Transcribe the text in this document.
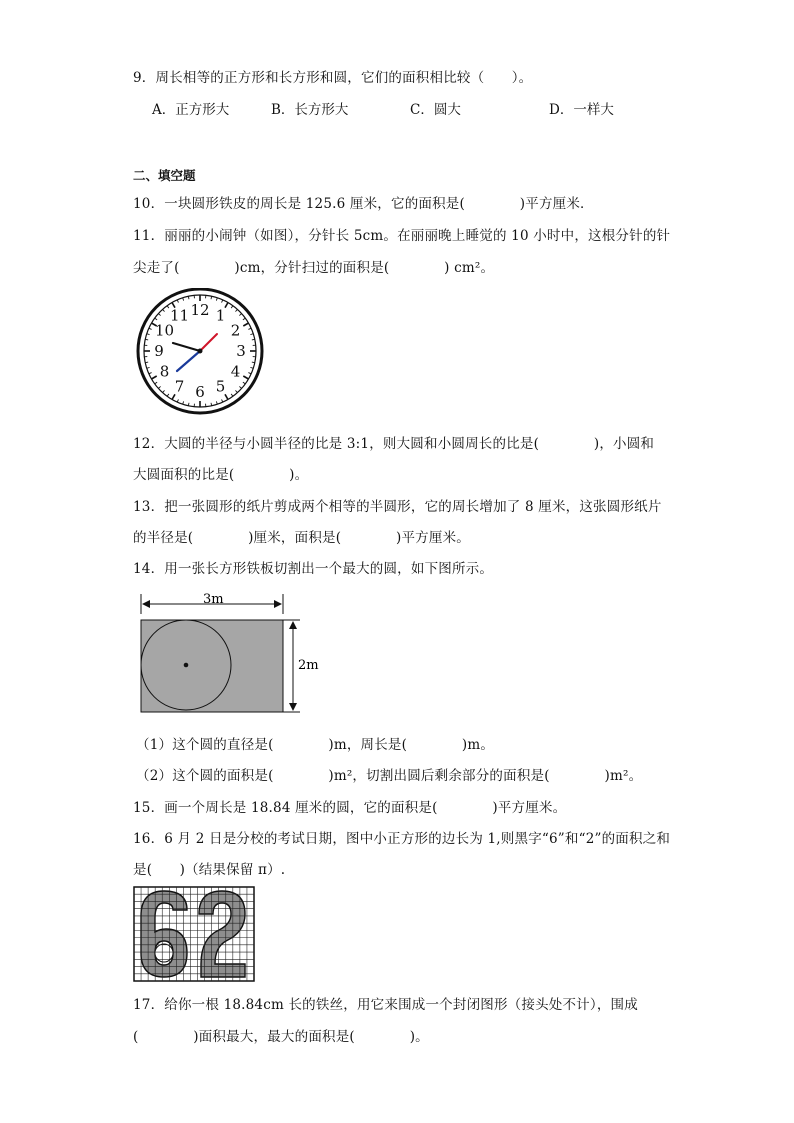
9．周长相等的正方形和长方形和圆，它们的面积相比较（　　）。
A．正方形大	B．长方形大	C．圆大	D．一样大
二、填空题
10．一块圆形铁皮的周长是 125.6 厘米，它的面积是(　　　　)平方厘米．
11．丽丽的小闹钟（如图），分针长 5cm。在丽丽晚上睡觉的 10 小时中，这根分针的针
尖走了(　　　　)cm，分针扫过的面积是(　　　　) cm²。
12 1
2
3
4
5
6
7
8
9
10
11
12．大圆的半径与小圆半径的比是 3:1，则大圆和小圆周长的比是(　　　　)，小圆和
大圆面积的比是(　　　　)。
13．把一张圆形的纸片剪成两个相等的半圆形，它的周长增加了 8 厘米，这张圆形纸片
的半径是(　　　　)厘米，面积是(　　　　)平方厘米。
14．用一张长方形铁板切割出一个最大的圆，如下图所示。
3m
2m
（1）这个圆的直径是(　　　　)m，周长是(　　　　)m。
（2）这个圆的面积是(　　　　)m²，切割出圆后剩余部分的面积是(　　　　)m²。
15．画一个周长是 18.84 厘米的圆，它的面积是(　　　　)平方厘米。
16．6 月 2 日是分校的考试日期，图中小正方形的边长为 1,则黑字“6”和“2”的面积之和
是(　　)（结果保留 π）.
17．给你一根 18.84cm 长的铁丝，用它来围成一个封闭图形（接头处不计），围成
(　　　　)面积最大，最大的面积是(　　　　)。
